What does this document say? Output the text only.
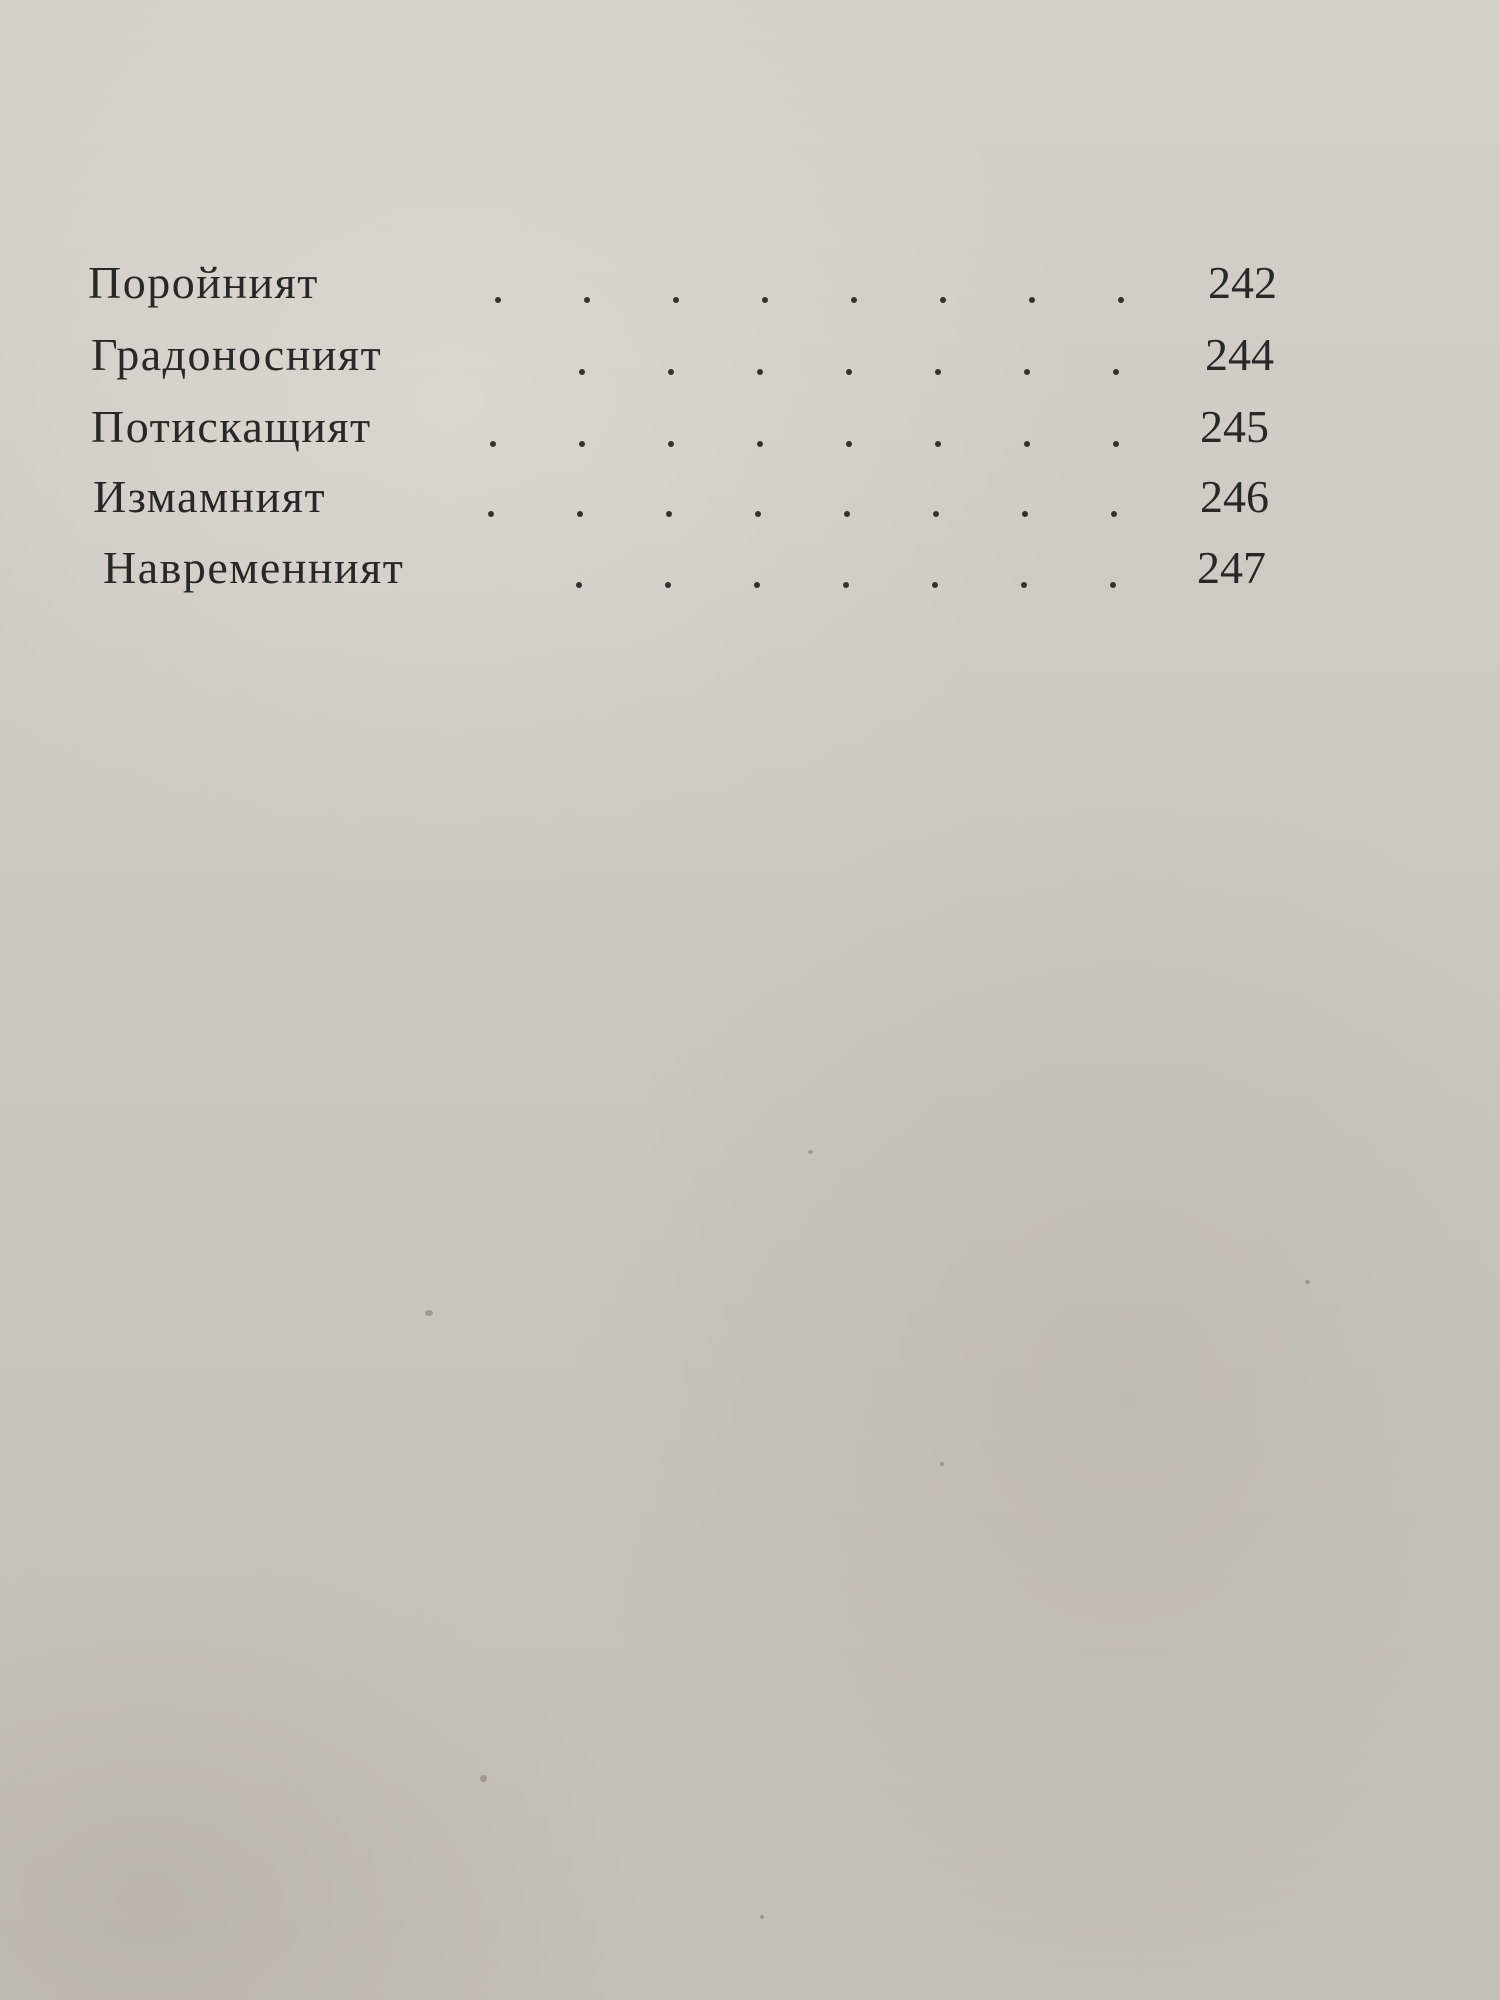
Поройният	242
Градоносният	244
Потискащият	245
Измамният	246
Навременният	247
